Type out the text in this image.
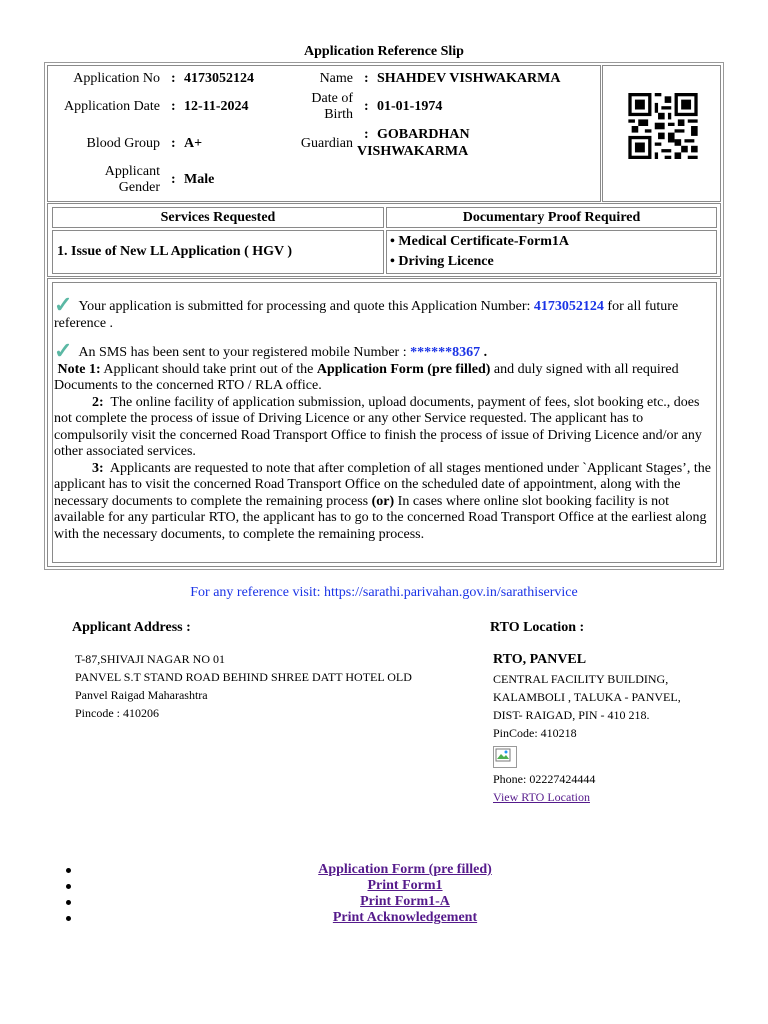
Application Reference Slip
Application No : 4173052124
Application Date : 12-11-2024
Blood Group : A+
Applicant
Gender
: Male
Name : SHAHDEV VISHWAKARMA
Date of
Birth
: 01-01-1974
Guardian
: GOBARDHAN
VISHWAKARMA
Services Requested	Documentary Proof Required
1. Issue of New LL Application ( HGV )
• Medical Certificate-Form1A
• Driving Licence

✓ Your application is submitted for processing and quote this Application Number: 4173052124 for all future reference .

✓ An SMS has been sent to your registered mobile Number : ******8367 .

Note 1: Applicant should take print out of the Application Form (pre filled) and duly signed with all required Documents to the concerned RTO / RLA office.

2: The online facility of application submission, upload documents, payment of fees, slot booking etc., does not complete the process of issue of Driving Licence or any other Service requested. The applicant has to compulsorily visit the concerned Road Transport Office to finish the process of issue of Driving Licence and/or any other associated services.

3: Applicants are requested to note that after completion of all stages mentioned under `Applicant Stages’, the applicant has to visit the concerned Road Transport Office on the scheduled date of appointment, along with the necessary documents to complete the remaining process (or) In cases where online slot booking facility is not available for any particular RTO, the applicant has to go to the concerned Road Transport Office at the earliest along with the necessary documents, to complete the remaining process.

For any reference visit: https://sarathi.parivahan.gov.in/sarathiservice
Applicant Address :
T-87,SHIVAJI NAGAR NO 01
PANVEL S.T STAND ROAD BEHIND SHREE DATT HOTEL OLD
Panvel Raigad Maharashtra
Pincode : 410206
RTO Location :
RTO, PANVEL
CENTRAL FACILITY BUILDING,
KALAMBOLI , TALUKA - PANVEL,
DIST- RAIGAD, PIN - 410 218.
PinCode: 410218
Phone: 02227424444
View RTO Location
Application Form (pre filled)
Print Form1
Print Form1-A
Print Acknowledgement
